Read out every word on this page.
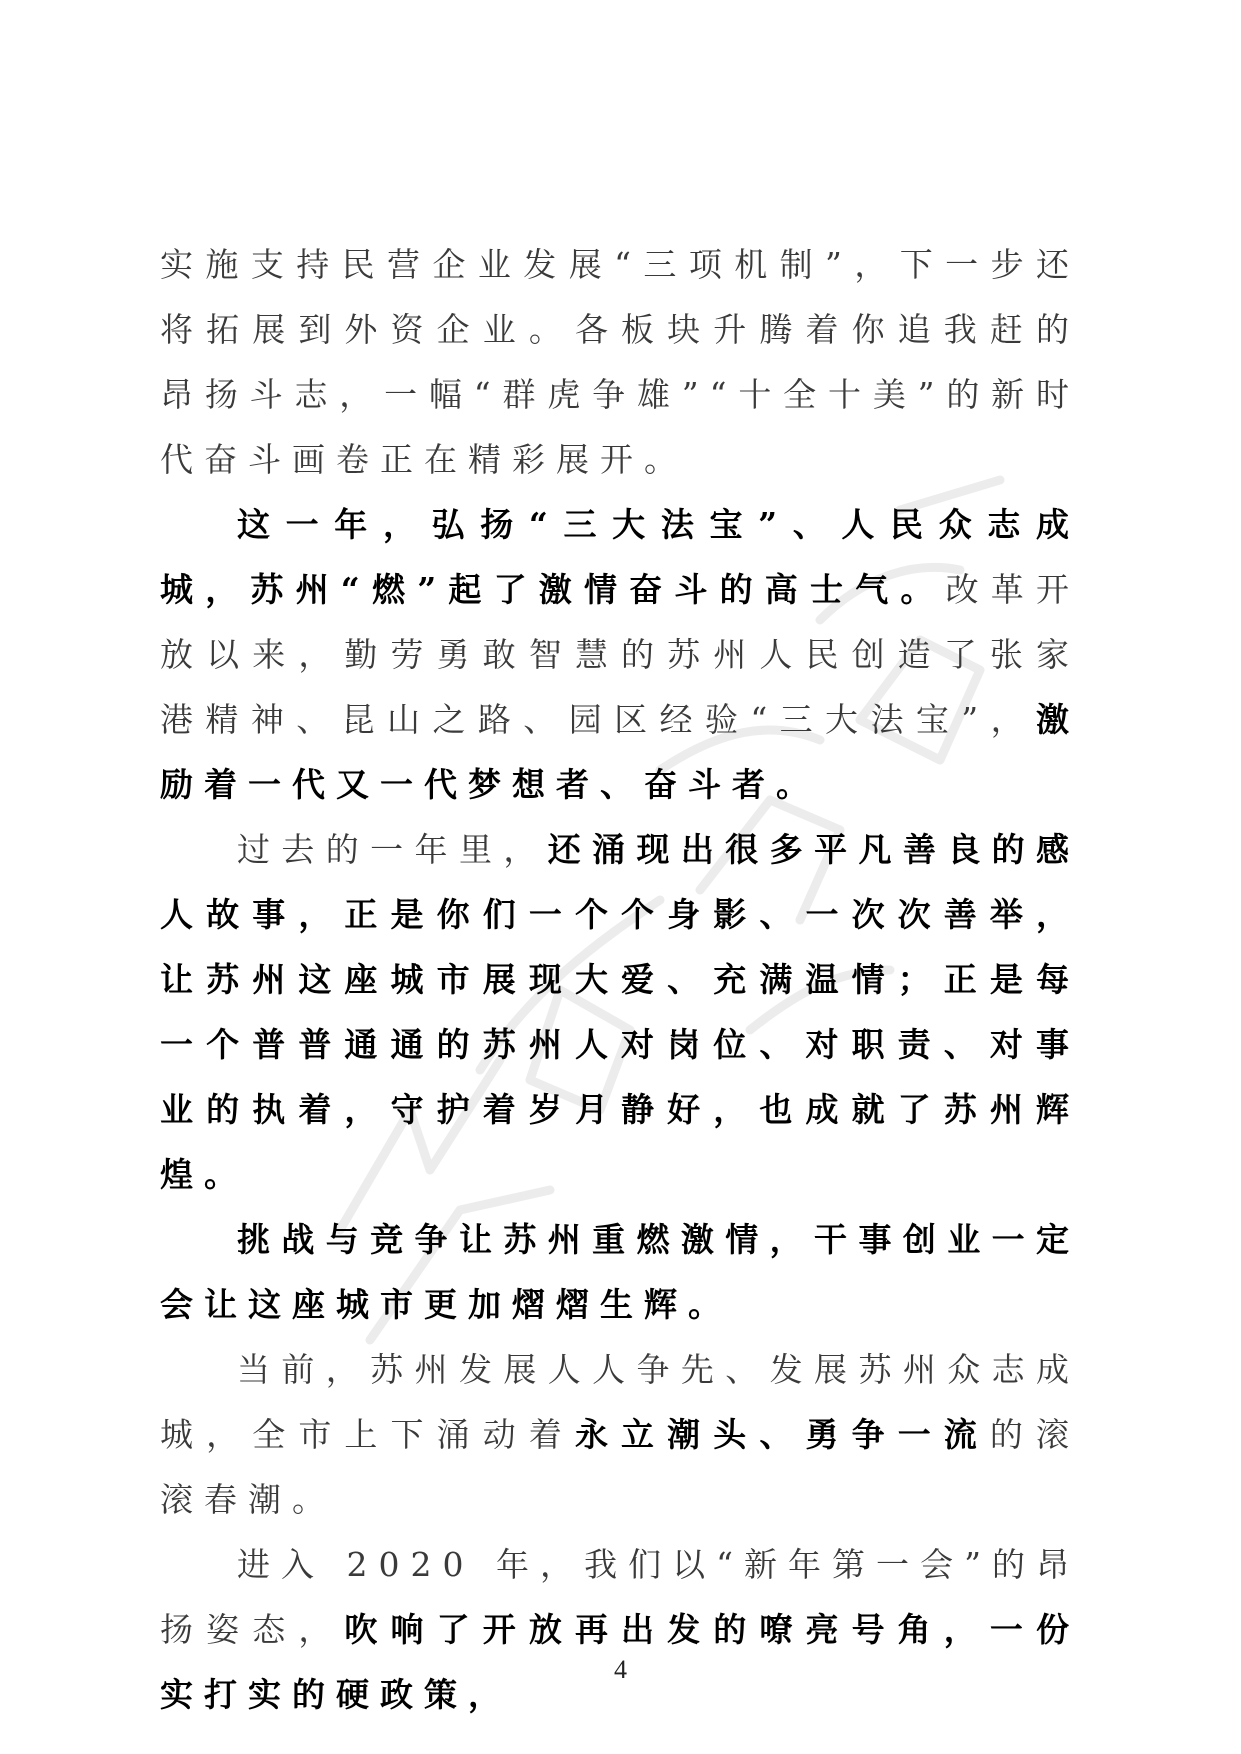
实施支持民营企业发展“三项机制”，下一步还将拓展到外资企业。各板块升腾着你追我赶的昂扬斗志，一幅“群虎争雄”“十全十美”的新时代奋斗画卷正在精彩展开。

这一年，弘扬“三大法宝”、人民众志成城，苏州“燃”起了激情奋斗的高士气。改革开放以来，勤劳勇敢智慧的苏州人民创造了张家港精神、昆山之路、园区经验“三大法宝”，激励着一代又一代梦想者、奋斗者。

过去的一年里，还涌现出很多平凡善良的感人故事，正是你们一个个身影、一次次善举，让苏州这座城市展现大爱、充满温情；正是每一个普普通通的苏州人对岗位、对职责、对事业的执着，守护着岁月静好，也成就了苏州辉煌。

挑战与竞争让苏州重燃激情，干事创业一定会让这座城市更加熠熠生辉。

当前，苏州发展人人争先、发展苏州众志成城，全市上下涌动着永立潮头、勇争一流的滚滚春潮。

进入 2020 年，我们以“新年第一会”的昂扬姿态，吹响了开放再出发的嘹亮号角，一份实打实的硬政策，

4
